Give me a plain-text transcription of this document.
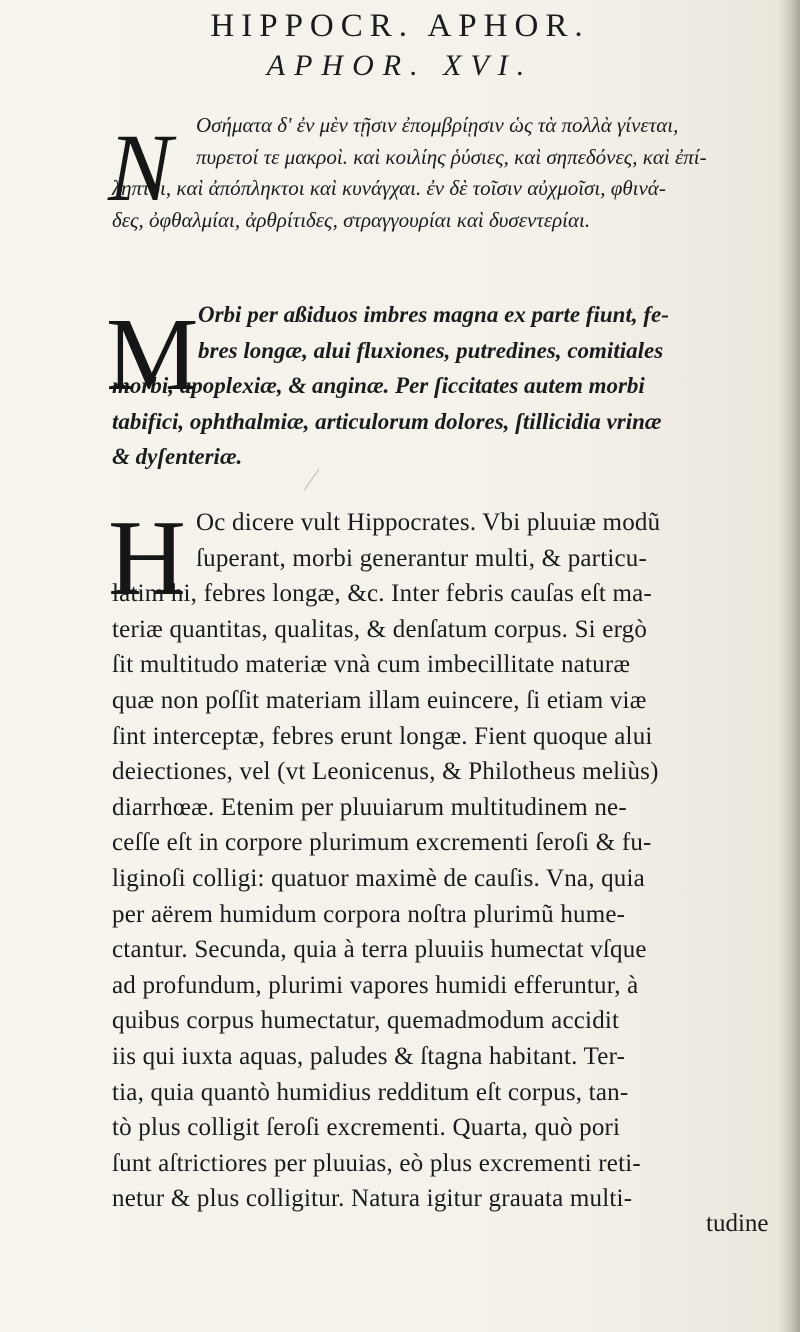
HIPPOCR. APHOR.
APHOR. XVI.
N	Οσήματα δ' ἐν μὲν τῇσιν ἐπομβρίῃσιν ὡς τὰ πολλὰ γίνεται,
πυρετοί τε μακροὶ. καὶ κοιλίης ῥύσιες, καὶ σηπεδόνες, καὶ ἐπί-
ληπτοι, καὶ ἀπόπληκτοι καὶ κυνάγχαι. ἐν δὲ τοῖσιν αὐχμοῖσι, φθινά-
δες, ὀφθαλμίαι, ἀρθρίτιδες, στραγγουρίαι καὶ δυσεντερίαι.
M Orbi per aßiduos imbres magna ex parte fiunt, fe-
bres longæ, alui fluxiones, putredines, comitiales
morbi, apoplexiæ, & anginæ. Per ſiccitates autem morbi
tabifici, ophthalmiæ, articulorum dolores, ſtillicidia vrinæ
& dyſenteriæ.
H Oc dicere vult Hippocrates. Vbi pluuiæ modũ
ſuperant, morbi generantur multi, & particu-
latim hi, febres longæ, &c. Inter febris cauſas eſt ma-
teriæ quantitas, qualitas, & denſatum corpus. Si ergò
ſit multitudo materiæ vnà cum imbecillitate naturæ
quæ non poſſit materiam illam euincere, ſi etiam viæ
ſint interceptæ, febres erunt longæ. Fient quoque alui
deiectiones, vel (vt Leonicenus, & Philotheus meliùs)
diarrhœæ. Etenim per pluuiarum multitudinem ne-
ceſſe eſt in corpore plurimum excrementi ſeroſi & fu-
liginoſi colligi: quatuor maximè de cauſis. Vna, quia
per aërem humidum corpora noſtra plurimũ hume-
ctantur. Secunda, quia à terra pluuiis humectat vſque
ad profundum, plurimi vapores humidi efferuntur, à
quibus corpus humectatur, quemadmodum accidit
iis qui iuxta aquas, paludes & ſtagna habitant. Ter-
tia, quia quantò humidius redditum eſt corpus, tan-
tò plus colligit ſeroſi excrementi. Quarta, quò pori
ſunt aſtrictiores per pluuias, eò plus excrementi reti-
netur & plus colligitur. Natura igitur grauata multi-
tudine
